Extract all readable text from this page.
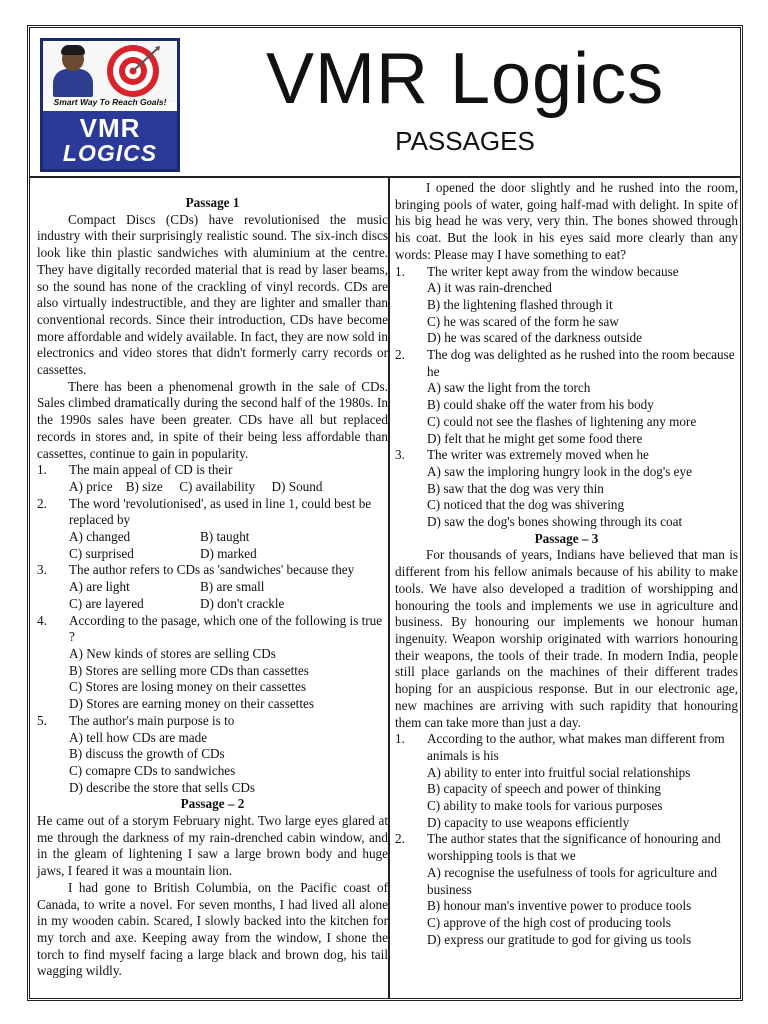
Smart Way To Reach Goals!
VMR
LOGICS
VMR Logics
PASSAGES
Passage 1
Compact Discs (CDs) have revolutionised the music industry with their surprisingly realistic sound. The six-inch discs look like thin plastic sandwiches with aluminium at the centre. They have digitally recorded material that is read by laser beams, so the sound has none of the crackling of vinyl records. CDs are also virtually indestructible, and they are lighter and smaller than conventional records. Since their introduction, CDs have become more affordable and widely available. In fact, they are now sold in electronics and video stores that didn't formerly carry records or cassettes.
There has been a phenomenal growth in the sale of CDs. Sales climbed dramatically during the second half of the 1980s. In the 1990s sales have been greater. CDs have all but replaced records in stores and, in spite of their being less affordable than cassettes, continue to gain in popularity.
1. The main appeal of CD is their
A) price    B) size     C) availability     D) Sound
2. The word 'revolutionised', as used in line 1, could best be replaced by
A) changed	B) taught
C) surprised	D) marked
3. The author refers to CDs as 'sandwiches' because they
A) are light	B) are small
C) are layered	D) don't crackle
4. According to the pasage, which one of the following is true ?
A) New kinds of stores are selling CDs
B) Stores are selling more CDs than cassettes
C) Stores are losing money on their cassettes
D) Stores are earning money on their cassettes
5. The author's main purpose is to
A) tell how CDs are made
B) discuss the growth of CDs
C) comapre CDs to sandwiches
D) describe the store that sells CDs
Passage – 2
He came out of a storym February night. Two large eyes glared at me through the darkness of my rain-drenched cabin window, and in the gleam of lightening I saw a large brown body and huge jaws, I feared it was a mountain lion.
I had gone to British Columbia, on the Pacific coast of Canada, to write a novel. For seven months, I had lived all alone in my wooden cabin. Scared, I slowly backed into the kitchen for my torch and axe. Keeping away from the window, I shone the torch to find myself facing a large black and brown dog, his tail wagging wildly.
I opened the door slightly and he rushed into the room, bringing pools of water, going half-mad with delight. In spite of his big head he was very, very thin. The bones showed through his coat. But the look in his eyes said more clearly than any words: Please may I have something to eat?
1. The writer kept away from the window because
A) it was rain-drenched
B) the lightening flashed through it
C) he was scared of the form he saw
D) he was scared of the darkness outside
2. The dog was delighted as he rushed into the room because he
A) saw the light from the torch
B) could shake off the water from his body
C) could not see the flashes of lightening any more
D) felt that he might get some food there
3. The writer was extremely moved when he
A) saw the imploring hungry look in the dog's eye
B) saw that the dog was very thin
C) noticed that the dog was shivering
D) saw the dog's bones showing through its coat
Passage – 3
For thousands of years, Indians have believed that man is different from his fellow animals because of his ability to make tools. We have also developed a tradition of worshipping and honouring the tools and implements we use in agriculture and business. By honouring our implements we honour human ingenuity. Weapon worship originated with warriors honouring their weapons, the tools of their trade. In modern India, people still place garlands on the machines of their different trades hoping for an auspicious response. But in our electronic age, new machines are arriving with such rapidity that honouring them can take more than just a day.
1. According to the author, what makes man different from animals is his
A) ability to enter into fruitful social relationships
B) capacity of speech and power of thinking
C) ability to make tools for various purposes
D) capacity to use weapons efficiently
2. The author states that the significance of honouring and worshipping tools is that we
A) recognise the usefulness of tools for agriculture and business
B) honour man's inventive power to produce tools
C) approve of the high cost of producing tools
D) express our gratitude to god for giving us tools
